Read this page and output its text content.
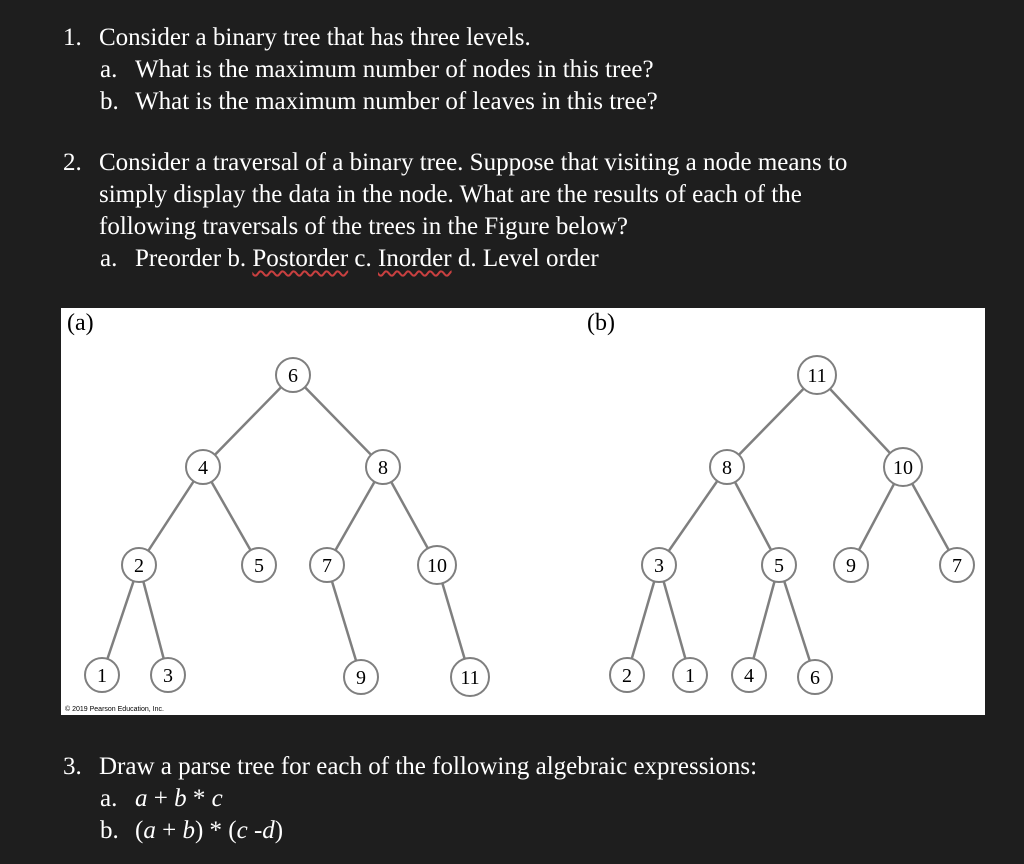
1. Consider a binary tree that has three levels.
a. What is the maximum number of nodes in this tree?
b. What is the maximum number of leaves in this tree?
2. Consider a traversal of a binary tree. Suppose that visiting a node means to
simply display the data in the node. What are the results of each of the
following traversals of the trees in the Figure below?
a. Preorder b. Postorder c. Inorder d. Level order
(a)	(b)
6
4	8
2	5	7	10
1	3	9	11
© 2019 Pearson Education, Inc.
11
8	10
3	5	9	7
2	1 4	6
3. Draw a parse tree for each of the following algebraic expressions:
a. a + b * c
b. (a + b) * (c -d)
